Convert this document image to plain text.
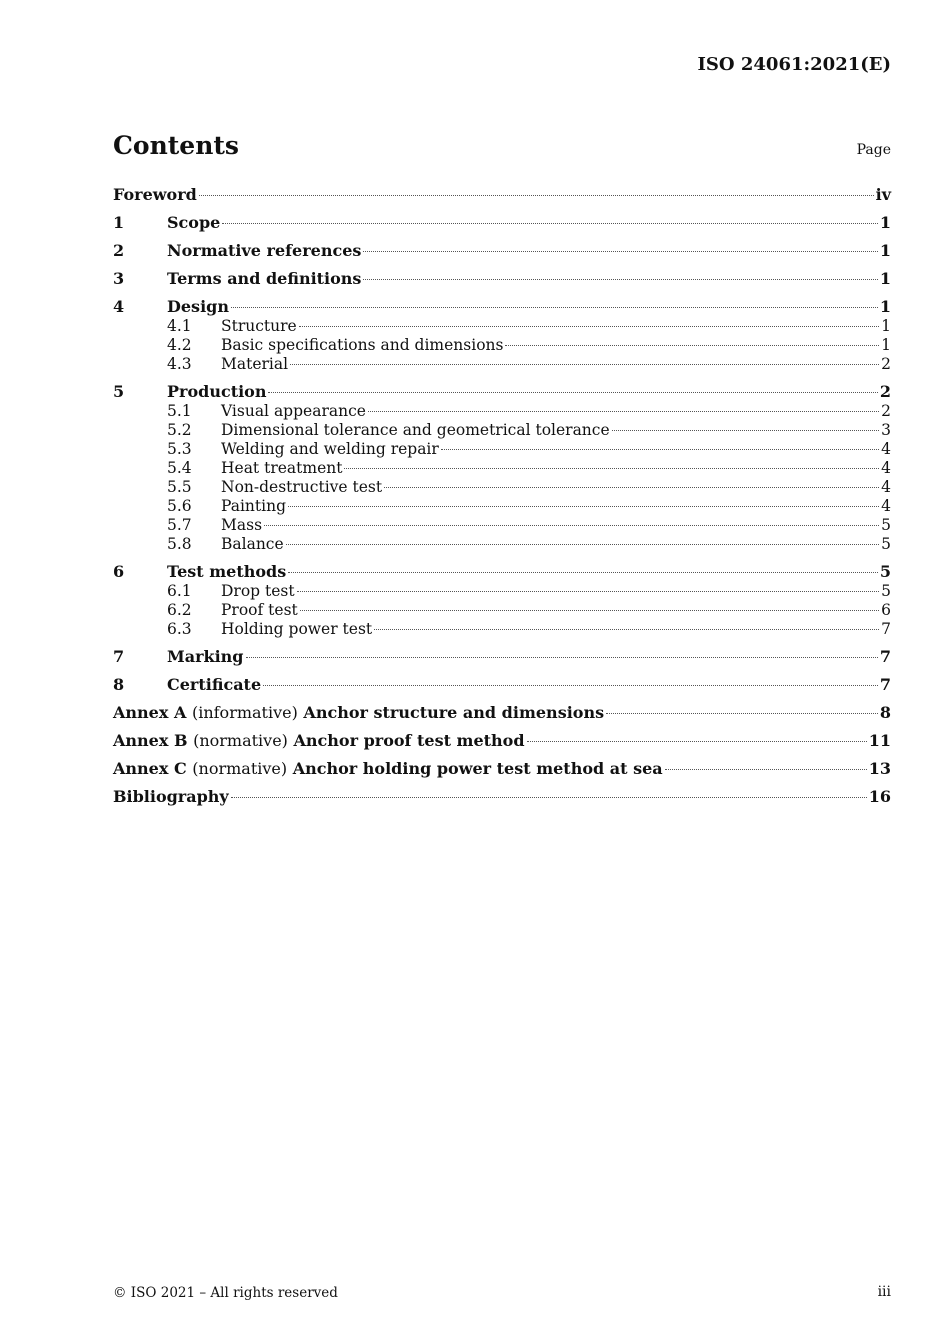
ISO 24061:2021(E)
Contents	Page
Foreword	iv
1	Scope	1
2	Normative references	1
3	Terms and definitions	1
4	Design	1
4.1	Structure	1
4.2	Basic specifications and dimensions	1
4.3	Material	2
5	Production	2
5.1	Visual appearance	2
5.2	Dimensional tolerance and geometrical tolerance	3
5.3	Welding and welding repair	4
5.4	Heat treatment	4
5.5	Non-destructive test	4
5.6	Painting	4
5.7	Mass	5
5.8	Balance	5
6	Test methods	5
6.1	Drop test	5
6.2	Proof test	6
6.3	Holding power test	7
7	Marking	7
8	Certificate	7
Annex A (informative) Anchor structure and dimensions	8
Annex B (normative) Anchor proof test method	11
Annex C (normative) Anchor holding power test method at sea	13
Bibliography	16
© ISO 2021 – All rights reserved	iii
